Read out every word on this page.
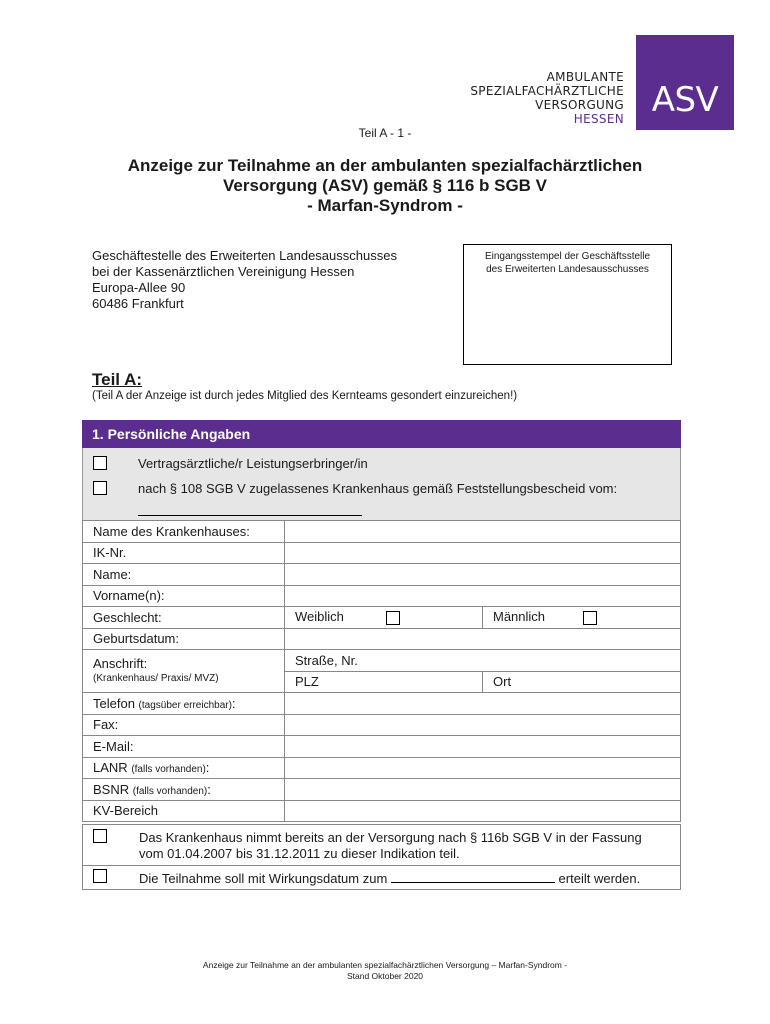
AMBULANTE
SPEZIALFACHÄRZTLICHE
VERSORGUNG
HESSEN ASV
Teil A - 1 -
Anzeige zur Teilnahme an der ambulanten spezialfachärztlichen
Versorgung (ASV) gemäß § 116 b SGB V
- Marfan-Syndrom -
Geschäftestelle des Erweiterten Landesausschusses
bei der Kassenärztlichen Vereinigung Hessen
Europa-Allee 90
60486 Frankfurt
Eingangsstempel der Geschäftsstelle
des Erweiterten Landesausschusses
Teil A:
(Teil A der Anzeige ist durch jedes Mitglied des Kernteams gesondert einzureichen!)
1. Persönliche Angaben
Vertragsärztliche/r Leistungserbringer/in
nach § 108 SGB V zugelassenes Krankenhaus gemäß Feststellungsbescheid vom:
Name des Krankenhauses:		
IK-Nr.		
Name:		
Vorname(n):		
Geschlecht:	Weiblich	Männlich
Geburtsdatum:		

Anschrift:
(Krankenhaus/ Praxis/ MVZ)	Straße, Nr.	
	PLZ	Ort
Telefon (tagsüber erreichbar):		
Fax:		
E-Mail:		
LANR (falls vorhanden):		
BSNR (falls vorhanden):		
KV-Bereich		
Das Krankenhaus nimmt bereits an der Versorgung nach § 116b SGB V in der Fassung vom 01.04.2007 bis 31.12.2011 zu dieser Indikation teil.
Die Teilnahme soll mit Wirkungsdatum zum	erteilt werden.
Anzeige zur Teilnahme an der ambulanten spezialfachärztlichen Versorgung – Marfan-Syndrom -
Stand Oktober 2020
